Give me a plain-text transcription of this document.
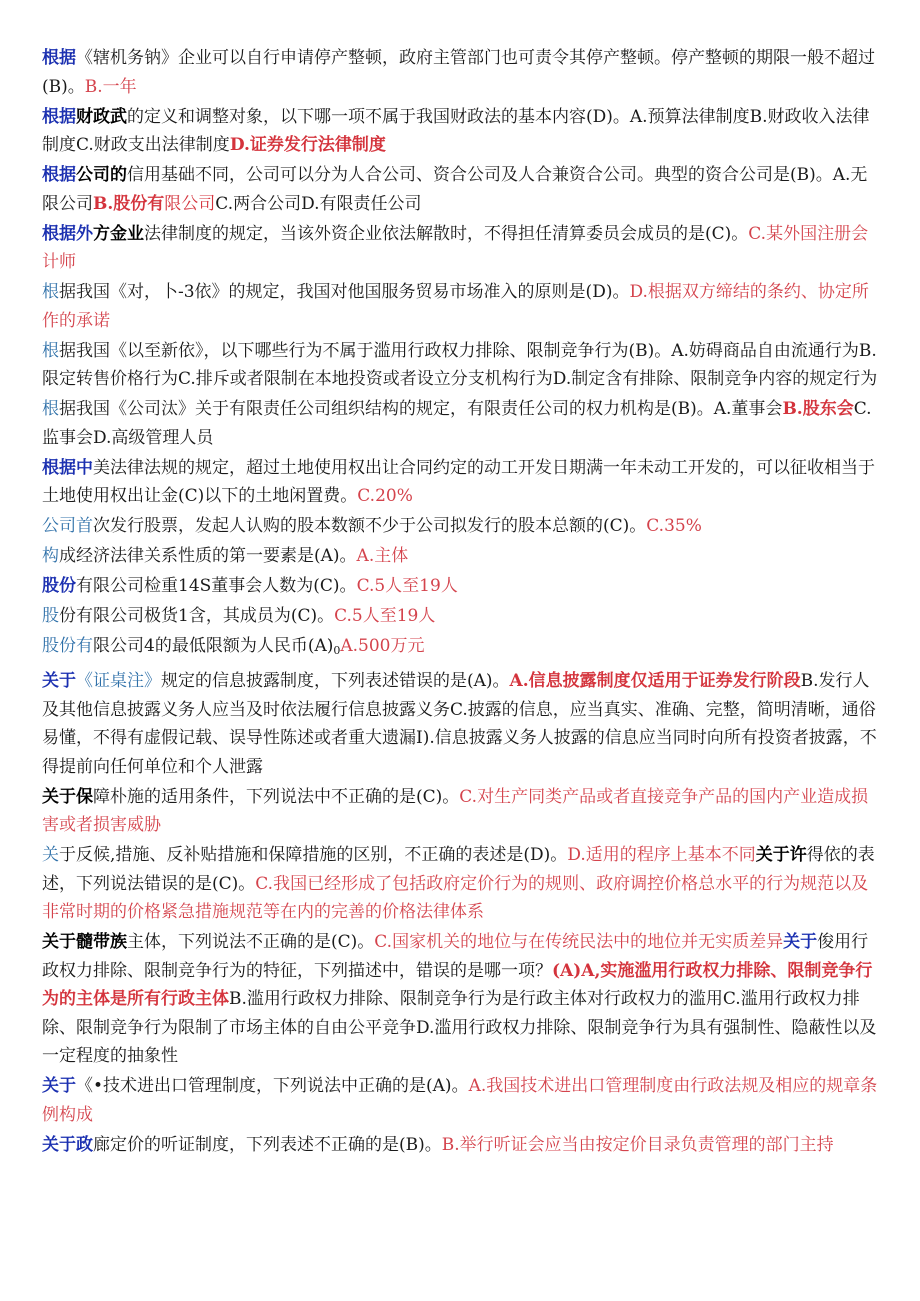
根据《辖机务钠》企业可以自行申请停产整顿，政府主管部门也可责令其停产整顿。停产整顿的期限一般不超过(B)。B.一年

根据财政武的定义和调整对象，以下哪一项不属于我国财政法的基本内容(D)。A.预算法律制度B.财政收入法律制度C.财政支出法律制度D.证券发行法律制度

根据公司的信用基础不同，公司可以分为人合公司、资合公司及人合兼资合公司。典型的资合公司是(B)。A.无限公司B.股份有限公司C.两合公司D.有限责任公司

根据外方金业法律制度的规定，当该外资企业依法解散时，不得担任清算委员会成员的是(C)。C.某外国注册会计师

根据我国《对，卜-3依》的规定，我国对他国服务贸易市场准入的原则是(D)。D.根据双方缔结的条约、协定所作的承诺

根据我国《以至新依》，以下哪些行为不属于滥用行政权力排除、限制竞争行为(B)。A.妨碍商品自由流通行为B.限定转售价格行为C.排斥或者限制在本地投资或者设立分支机构行为D.制定含有排除、限制竞争内容的规定行为

根据我国《公司汰》关于有限责任公司组织结构的规定，有限责任公司的权力机构是(B)。A.董事会B.股东会C.监事会D.高级管理人员

根据中美法律法规的规定，超过土地使用权出让合同约定的动工开发日期满一年未动工开发的，可以征收相当于土地使用权出让金(C)以下的土地闲置费。C.20%

公司首次发行股票，发起人认购的股本数额不少于公司拟发行的股本总额的(C)。C.35%

构成经济法律关系性质的第一要素是(A)。A.主体

股份有限公司检重14S董事会人数为(C)。C.5人至19人

股份有限公司极货1含，其成员为(C)。C.5人至19人

股份有限公司4的最低限额为人民币(A)0A.500万元

关于《证桌注》规定的信息披露制度，下列表述错误的是(A)。A.信息披露制度仅适用于证券发行阶段B.发行人及其他信息披露义务人应当及时依法履行信息披露义务C.披露的信息，应当真实、准确、完整，简明清晰，通俗易懂，不得有虚假记载、误导性陈述或者重大遗漏I).信息披露义务人披露的信息应当同时向所有投资者披露，不得提前向任何单位和个人泄露

关于保障朴施的适用条件，下列说法中不正确的是(C)。C.对生产同类产品或者直接竞争产品的国内产业造成损害或者损害威胁

关于反候,措施、反补贴措施和保障措施的区别，不正确的表述是(D)。D.适用的程序上基本不同关于许得依的表述，下列说法错误的是(C)。C.我国已经形成了包括政府定价行为的规则、政府调控价格总水平的行为规范以及非常时期的价格紧急措施规范等在内的完善的价格法律体系

关于髓带族主体，下列说法不正确的是(C)。C.国家机关的地位与在传统民法中的地位并无实质差异关于俊用行政权力排除、限制竞争行为的特征，下列描述中，错误的是哪一项？(A)A,实施滥用行政权力排除、限制竞争行为的主体是所有行政主体B.滥用行政权力排除、限制竞争行为是行政主体对行政权力的滥用C.滥用行政权力排除、限制竞争行为限制了市场主体的自由公平竞争D.滥用行政权力排除、限制竞争行为具有强制性、隐蔽性以及一定程度的抽象性

关于《•技术进出口管理制度，下列说法中正确的是(A)。A.我国技术进出口管理制度由行政法规及相应的规章条例构成

关于政廊定价的听证制度，下列表述不正确的是(B)。B.举行听证会应当由按定价目录负责管理的部门主持
